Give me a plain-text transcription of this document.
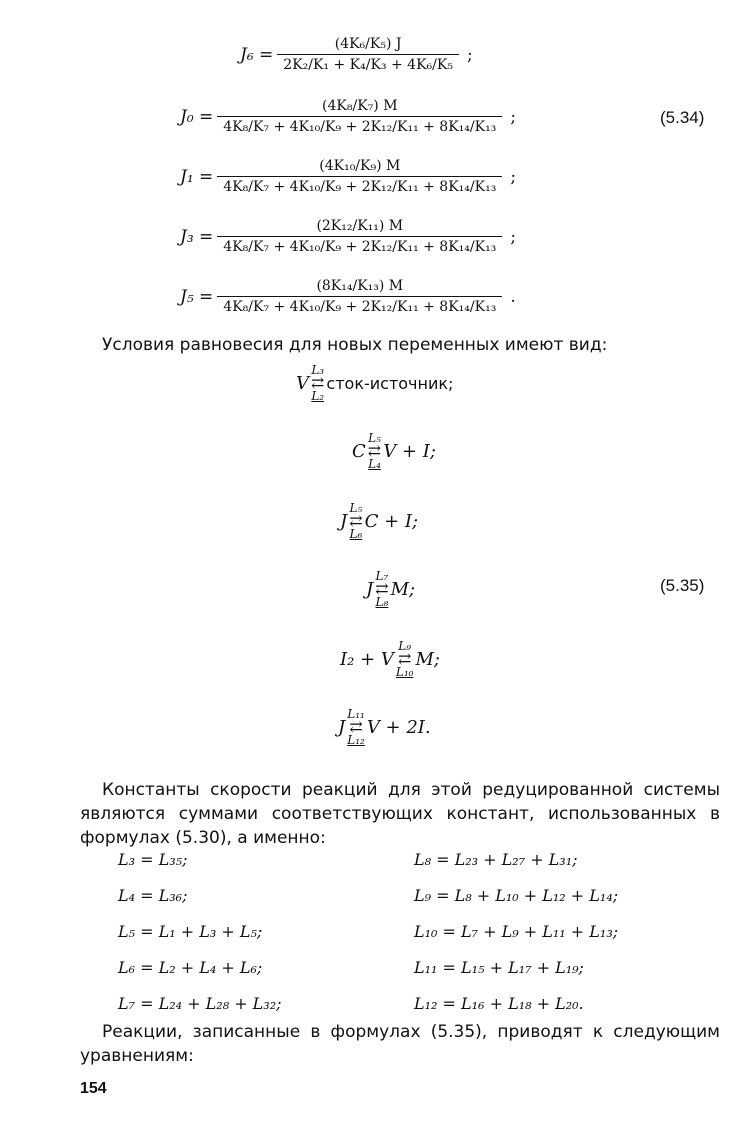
$J_6 = \frac{\text{(4K₆/K₅) J}}{\text{2K₂/K₁ + K₄/K₃ + 4K₆/K₅}}$ ;
$J_0 = \frac{\text{(4K₈/K₇) M}}{\text{4K₈/K₇ + 4K₁₀/K₉ + 2K₁₂/K₁₁ + 8K₁₄/K₁₃}}$ ;	(5.34)
$J_1 = \frac{\text{(4K₁₀/K₉) M}}{\text{4K₈/K₇ + 4K₁₀/K₉ + 2K₁₂/K₁₁ + 8K₁₄/K₁₃}}$ ;
$J_3 = \frac{\text{(2K₁₂/K₁₁) M}}{\text{4K₈/K₇ + 4K₁₀/K₉ + 2K₁₂/K₁₁ + 8K₁₄/K₁₃}}$ ;
$J_5 = \frac{\text{(8K₁₄/K₁₃) M}}{\text{4K₈/K₇ + 4K₁₀/K₉ + 2K₁₂/K₁₁ + 8K₁₄/K₁₃}}$ .
Условия равновесия для новых переменных имеют вид:
V
L₃
⇄
L₂
сток-источник;
C
L₅
⇄
L₄
V + I;
J
L₅
⇄
L₆
C + I;
J
L₇
⇄
L₈
M;	(5.35)
I₂ + V
L₉
⇄
L₁₀
M;
J
L₁₁
⇄
L₁₂
V + 2I.
Константы скорости реакций для этой редуцированной системы являются суммами соответствующих констант, использованных в формулах (5.30), а именно:
L₃ = L₃₅;
L₄ = L₃₆;
L₅ = L₁ + L₃ + L₅;
L₆ = L₂ + L₄ + L₆;
L₇ = L₂₄ + L₂₈ + L₃₂;
L₈ = L₂₃ + L₂₇ + L₃₁;
L₉ = L₈ + L₁₀ + L₁₂ + L₁₄;
L₁₀ = L₇ + L₉ + L₁₁ + L₁₃;
L₁₁ = L₁₅ + L₁₇ + L₁₉;
L₁₂ = L₁₆ + L₁₈ + L₂₀.
Реакции, записанные в формулах (5.35), приводят к следующим уравнениям:
154
